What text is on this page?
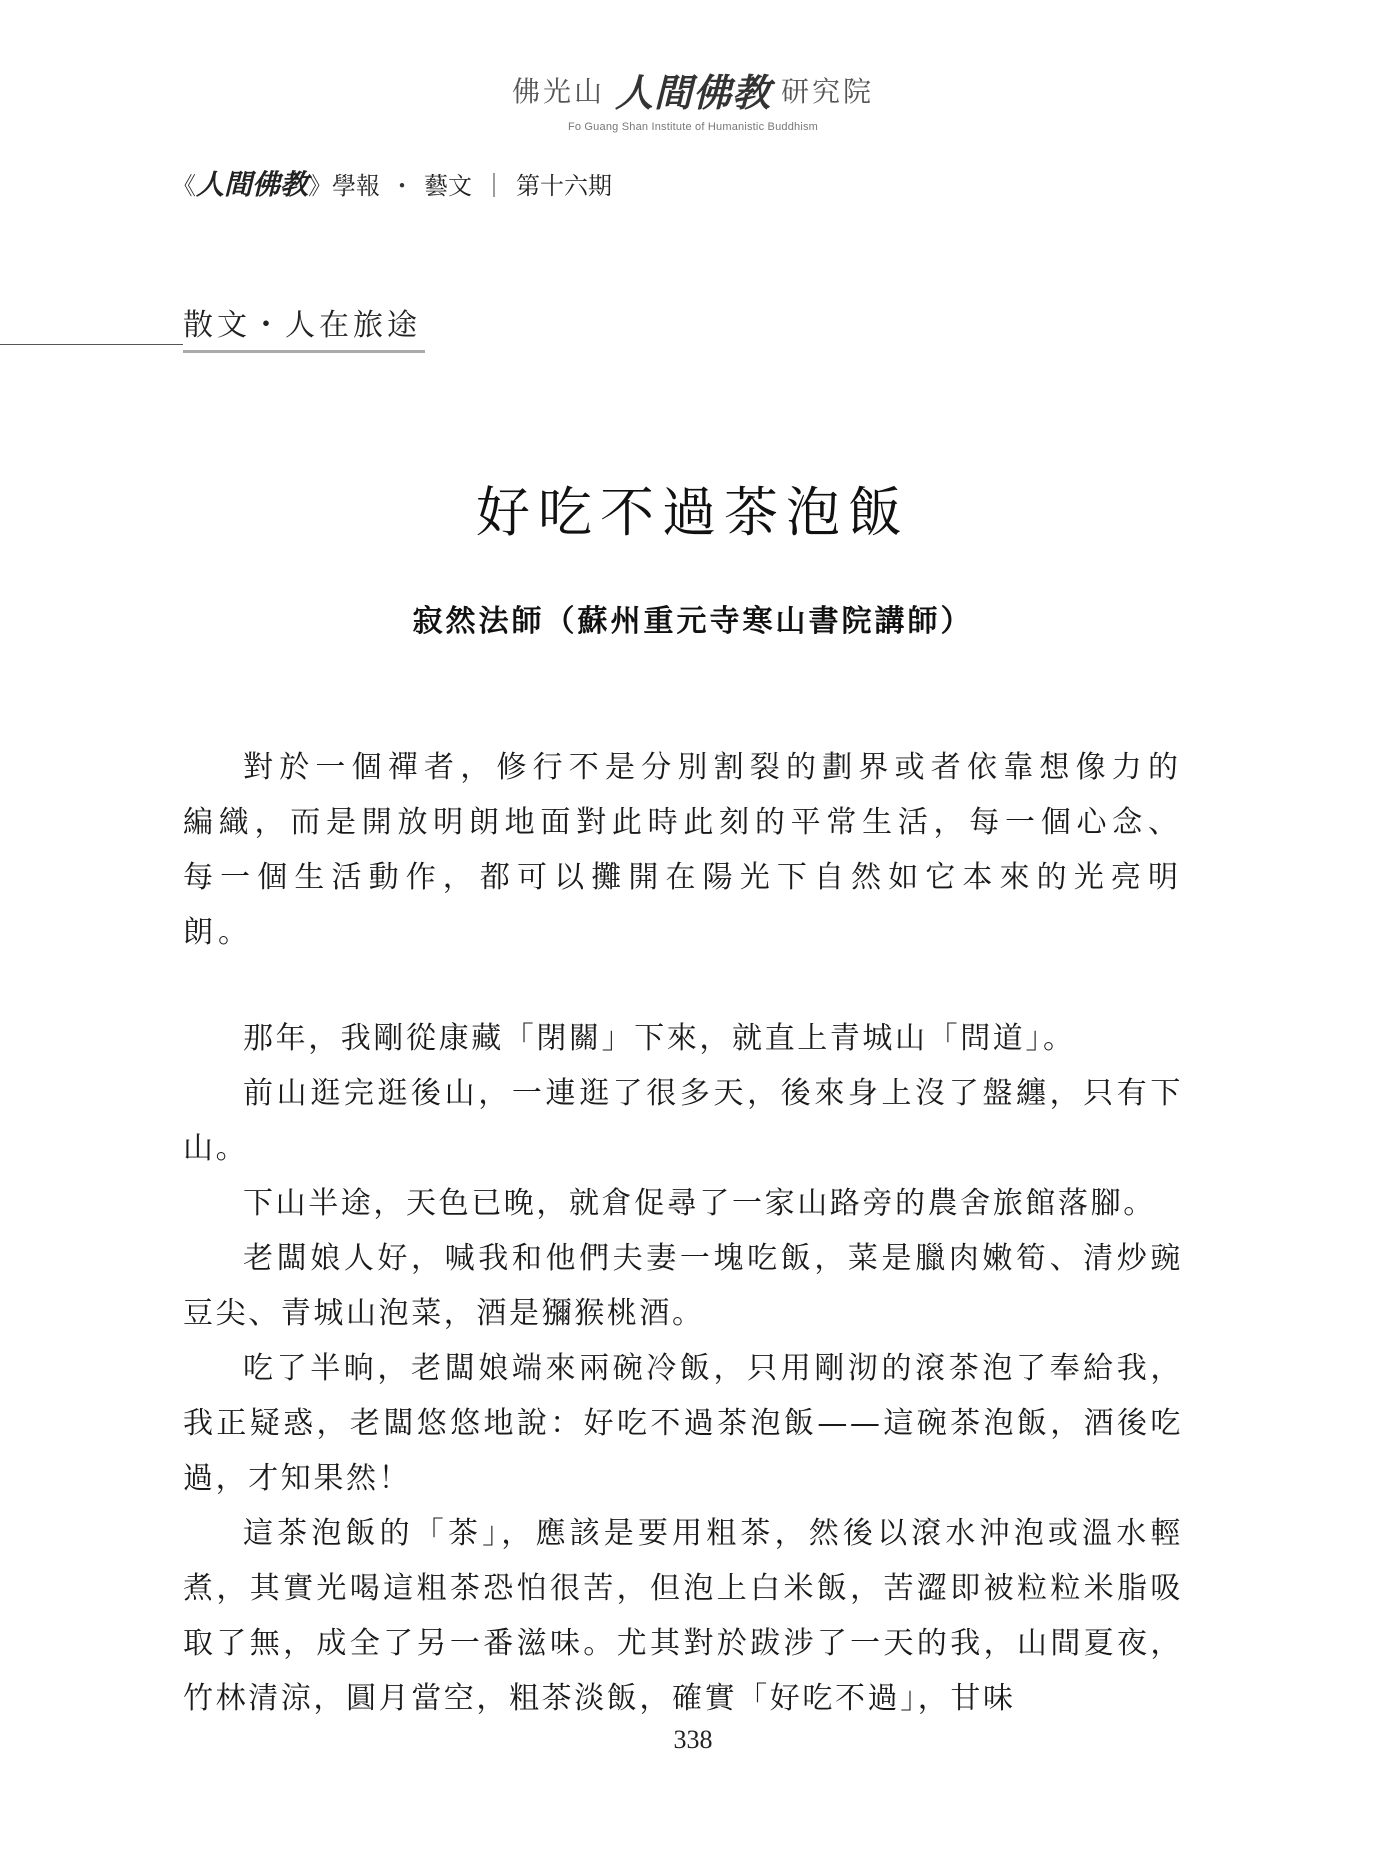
佛光山 人間佛教 研究院
Fo Guang Shan Institute of Humanistic Buddhism
《 人間佛教 》 學報 ・ 藝文 ｜ 第十六期
散文・人在旅途
好吃不過茶泡飯
寂然法師（蘇州重元寺寒山書院講師）

對於一個禪者，修行不是分別割裂的劃界或者依靠想像力的編織，而是開放明朗地面對此時此刻的平常生活，每一個心念、每一個生活動作，都可以攤開在陽光下自然如它本來的光亮明朗。

那年，我剛從康藏「閉關」下來，就直上青城山「問道」。

前山逛完逛後山，一連逛了很多天，後來身上沒了盤纏，只有下山。

下山半途，天色已晚，就倉促尋了一家山路旁的農舍旅館落腳。

老闆娘人好，喊我和他們夫妻一塊吃飯，菜是臘肉嫩筍、清炒豌豆尖、青城山泡菜，酒是獼猴桃酒。

吃了半晌，老闆娘端來兩碗冷飯，只用剛沏的滾茶泡了奉給我，我正疑惑，老闆悠悠地說：好吃不過茶泡飯——這碗茶泡飯，酒後吃過，才知果然！

這茶泡飯的「茶」，應該是要用粗茶，然後以滾水沖泡或溫水輕煮，其實光喝這粗茶恐怕很苦，但泡上白米飯，苦澀即被粒粒米脂吸取了無，成全了另一番滋味。尤其對於跋涉了一天的我，山間夏夜，竹林清涼，圓月當空，粗茶淡飯，確實「好吃不過」，甘味

338
